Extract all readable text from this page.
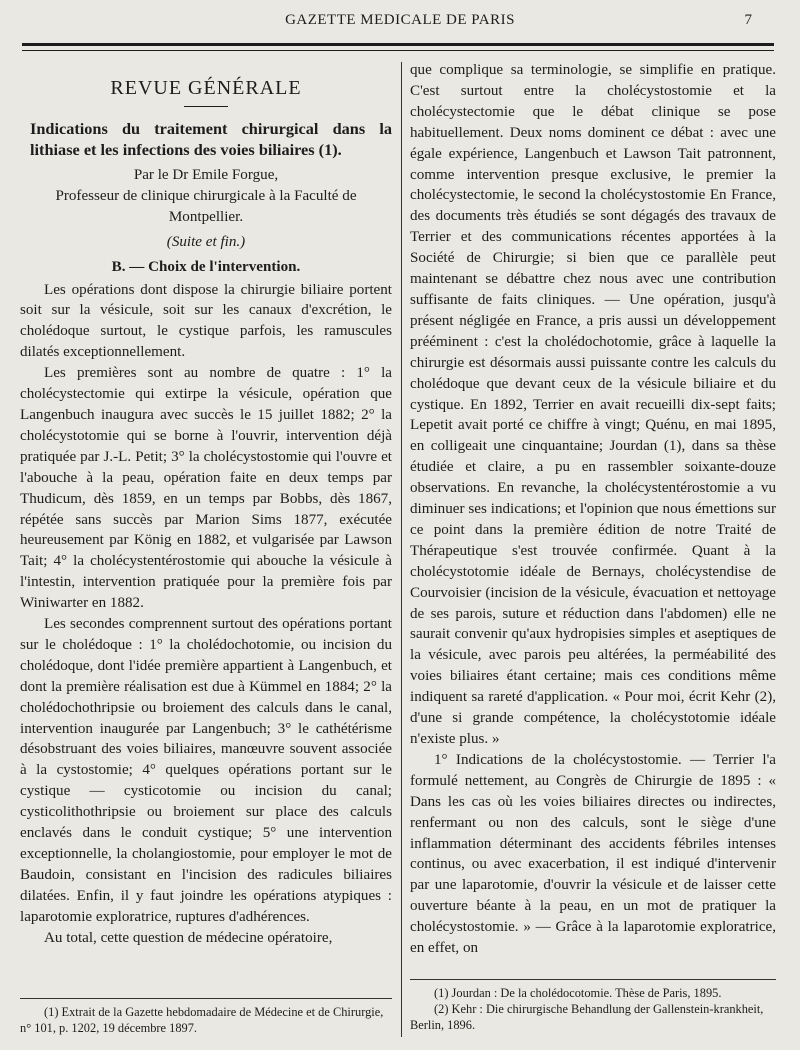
GAZETTE MEDICALE DE PARIS	7

REVUE GÉNÉRALE

Indications du traitement chirurgical dans la lithiase et les infections des voies biliaires (1).

Par le Dr Emile Forgue,

Professeur de clinique chirurgicale à la Faculté de Montpellier.

(Suite et fin.)

B. — Choix de l'intervention.

Les opérations dont dispose la chirurgie biliaire portent soit sur la vésicule, soit sur les canaux d'excrétion, le cholédoque surtout, le cystique parfois, les ramuscules dilatés exceptionnellement.

Les premières sont au nombre de quatre : 1° la cholécystectomie qui extirpe la vésicule, opération que Langenbuch inaugura avec succès le 15 juillet 1882; 2° la cholécystotomie qui se borne à l'ouvrir, intervention déjà pratiquée par J.-L. Petit; 3° la cholécystostomie qui l'ouvre et l'abouche à la peau, opération faite en deux temps par Thudicum, dès 1859, en un temps par Bobbs, dès 1867, répétée sans succès par Marion Sims 1877, exécutée heureusement par König en 1882, et vulgarisée par Lawson Tait; 4° la cholécystentérostomie qui abouche la vésicule à l'intestin, intervention pratiquée pour la première fois par Winiwarter en 1882.

Les secondes comprennent surtout des opérations portant sur le cholédoque : 1° la cholédochotomie, ou incision du cholédoque, dont l'idée première appartient à Langenbuch, et dont la première réalisation est due à Kümmel en 1884; 2° la cholédochothripsie ou broiement des calculs dans le canal, intervention inaugurée par Langenbuch; 3° le cathétérisme désobstruant des voies biliaires, manœuvre souvent associée à la cystostomie; 4° quelques opérations portant sur le cystique — cysticotomie ou incision du canal; cysticolithothripsie ou broiement sur place des calculs enclavés dans le conduit cystique; 5° une intervention exceptionnelle, la cholangiostomie, pour employer le mot de Baudoin, consistant en l'incision des radicules biliaires dilatées. Enfin, il y faut joindre les opérations atypiques : laparotomie exploratrice, ruptures d'adhérences.

Au total, cette question de médecine opératoire,

(1) Extrait de la Gazette hebdomadaire de Médecine et de Chirurgie, n° 101, p. 1202, 19 décembre 1897.

que complique sa terminologie, se simplifie en pratique. C'est surtout entre la cholécystostomie et la cholécystectomie que le débat clinique se pose habituellement. Deux noms dominent ce débat : avec une égale expérience, Langenbuch et Lawson Tait patronnent, comme intervention presque exclusive, le premier la cholécystectomie, le second la cholécystostomie En France, des documents très étudiés se sont dégagés des travaux de Terrier et des communications récentes apportées à la Société de Chirurgie; si bien que ce parallèle peut maintenant se débattre chez nous avec une contribution suffisante de faits cliniques. — Une opération, jusqu'à présent négligée en France, a pris aussi un développement prééminent : c'est la cholédochotomie, grâce à laquelle la chirurgie est désormais aussi puissante contre les calculs du cholédoque que devant ceux de la vésicule biliaire et du cystique. En 1892, Terrier en avait recueilli dix-sept faits; Lepetit avait porté ce chiffre à vingt; Quénu, en mai 1895, en colligeait une cinquantaine; Jourdan (1), dans sa thèse étudiée et claire, a pu en rassembler soixante-douze observations. En revanche, la cholécystentérostomie a vu diminuer ses indications; et l'opinion que nous émettions sur ce point dans la première édition de notre Traité de Thérapeutique s'est trouvée confirmée. Quant à la cholécystotomie idéale de Bernays, cholécystendise de Courvoisier (incision de la vésicule, évacuation et nettoyage de ses parois, suture et réduction dans l'abdomen) elle ne saurait convenir qu'aux hydropisies simples et aseptiques de la vésicule, avec parois peu altérées, la perméabilité des voies biliaires étant certaine; mais ces conditions même indiquent sa rareté d'application. « Pour moi, écrit Kehr (2), d'une si grande compétence, la cholécystotomie idéale n'existe plus. »

1° Indications de la cholécystostomie. — Terrier l'a formulé nettement, au Congrès de Chirurgie de 1895 : « Dans les cas où les voies biliaires directes ou indirectes, renfermant ou non des calculs, sont le siège d'une inflammation déterminant des accidents fébriles intenses continus, ou avec exacerbation, il est indiqué d'intervenir par une laparotomie, d'ouvrir la vésicule et de laisser cette ouverture béante à la peau, en un mot de pratiquer la cholécystostomie. » — Grâce à la laparotomie exploratrice, en effet, on

(1) Jourdan : De la cholédocotomie. Thèse de Paris, 1895.

(2) Kehr : Die chirurgische Behandlung der Gallenstein-krankheit, Berlin, 1896.
